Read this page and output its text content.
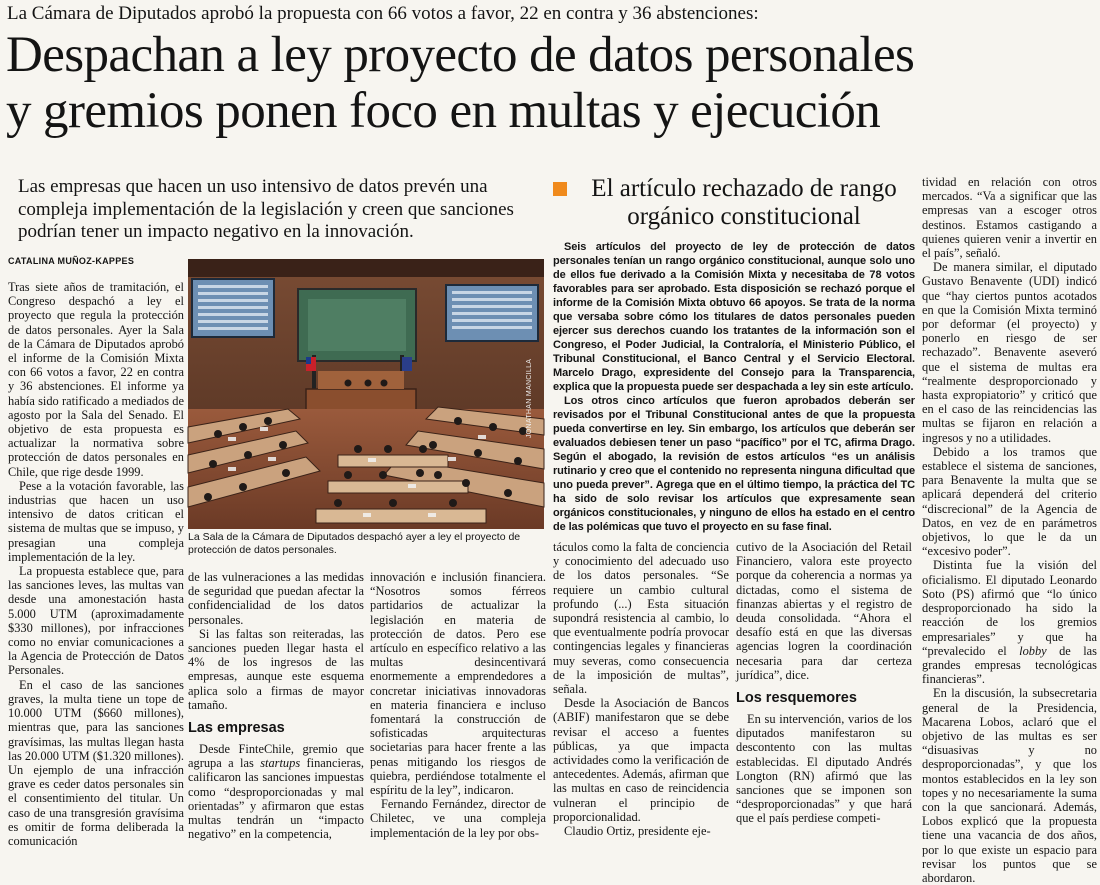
La Cámara de Diputados aprobó la propuesta con 66 votos a favor, 22 en contra y 36 abstenciones:
Despachan a ley proyecto de datos personales
y gremios ponen foco en multas y ejecución
Las empresas que hacen un uso intensivo de datos prevén una compleja implementación de la legislación y creen que sanciones podrían tener un impacto negativo en la innovación.
CATALINA MUÑOZ-KAPPES

Tras siete años de tramitación, el Congreso despachó a ley el proyecto que regula la protección de datos personales. Ayer la Sala de la Cámara de Diputados aprobó el informe de la Comisión Mixta con 66 votos a favor, 22 en contra y 36 abstenciones. El informe ya había sido ratificado a mediados de agosto por la Sala del Senado. El objetivo de esta propuesta es actualizar la normativa sobre protección de datos personales en Chile, que rige desde 1999.

Pese a la votación favorable, las industrias que hacen un uso intensivo de datos critican el sistema de multas que se impuso, y presagian una compleja implementación de la ley.

La propuesta establece que, para las sanciones leves, las multas van desde una amonestación hasta 5.000 UTM (aproximadamente $330 millones), por infracciones como no enviar comunicaciones a la Agencia de Protección de Datos Personales.

En el caso de las sanciones graves, la multa tiene un tope de 10.000 UTM ($660 millones), mientras que, para las sanciones gravísimas, las multas llegan hasta las 20.000 UTM ($1.320 millones). Un ejemplo de una infracción grave es ceder datos personales sin el consentimiento del titular. Un caso de una transgresión gravísima es omitir de forma deliberada la comunicación

JONATHAN MANCILLA
La Sala de la Cámara de Diputados despachó ayer a ley el proyecto de protección de datos personales.
El artículo rechazado de rango orgánico constitucional

Seis artículos del proyecto de ley de protección de datos personales tenían un rango orgánico constitucional, aunque solo uno de ellos fue derivado a la Comisión Mixta y necesitaba de 78 votos favorables para ser aprobado. Esta disposición se rechazó porque el informe de la Comisión Mixta obtuvo 66 apoyos. Se trata de la norma que versaba sobre cómo los titulares de datos personales pueden ejercer sus derechos cuando los tratantes de la información son el Congreso, el Poder Judicial, la Contraloría, el Ministerio Público, el Tribunal Constitucional, el Banco Central y el Servicio Electoral. Marcelo Drago, expresidente del Consejo para la Transparencia, explica que la propuesta puede ser despachada a ley sin este artículo.

Los otros cinco artículos que fueron aprobados deberán ser revisados por el Tribunal Constitucional antes de que la propuesta pueda convertirse en ley. Sin embargo, los artículos que deberán ser evaluados debiesen tener un paso “pacífico” por el TC, afirma Drago. Según el abogado, la revisión de estos artículos “es un análisis rutinario y creo que el contenido no representa ninguna dificultad que uno pueda prever”. Agrega que en el último tiempo, la práctica del TC ha sido de solo revisar los artículos que expresamente sean orgánicos constitucionales, y ninguno de ellos ha estado en el centro de las polémicas que tuvo el proyecto en su fase final.

de las vulneraciones a las medidas de seguridad que puedan afectar la confidencialidad de los datos personales.

Si las faltas son reiteradas, las sanciones pueden llegar hasta el 4% de los ingresos de las empresas, aunque este esquema aplica solo a firmas de mayor tamaño.

Las empresas

Desde FinteChile, gremio que agrupa a las startups financieras, calificaron las sanciones impuestas como “desproporcionadas y mal orientadas” y afirmaron que estas multas tendrán un “impacto negativo” en la competencia,

innovación e inclusión financiera. “Nosotros somos férreos partidarios de actualizar la legislación en materia de protección de datos. Pero ese artículo en específico relativo a las multas desincentivará enormemente a emprendedores a concretar iniciativas innovadoras en materia financiera e incluso fomentará la construcción de sofisticadas arquitecturas societarias para hacer frente a las penas mitigando los riesgos de quiebra, perdiéndose totalmente el espíritu de la ley”, indicaron.

Fernando Fernández, director de Chiletec, ve una compleja implementación de la ley por obs-

táculos como la falta de conciencia y conocimiento del adecuado uso de los datos personales. “Se requiere un cambio cultural profundo (...) Esta situación supondrá resistencia al cambio, lo que eventualmente podría provocar contingencias legales y financieras muy severas, como consecuencia de la imposición de multas”, señala.

Desde la Asociación de Bancos (ABIF) manifestaron que se debe revisar el acceso a fuentes públicas, ya que impacta actividades como la verificación de antecedentes. Además, afirman que las multas en caso de reincidencia vulneran el principio de proporcionalidad.

Claudio Ortiz, presidente eje-

cutivo de la Asociación del Retail Financiero, valora este proyecto porque da coherencia a normas ya dictadas, como el sistema de finanzas abiertas y el registro de deuda consolidada. “Ahora el desafío está en que las diversas agencias logren la coordinación necesaria para dar certeza jurídica”, dice.

Los resquemores

En su intervención, varios de los diputados manifestaron su descontento con las multas establecidas. El diputado Andrés Longton (RN) afirmó que las sanciones que se imponen son “desproporcionadas” y que hará que el país perdiese competi-

tividad en relación con otros mercados. “Va a significar que las empresas van a escoger otros destinos. Estamos castigando a quienes quieren venir a invertir en el país”, señaló.

De manera similar, el diputado Gustavo Benavente (UDI) indicó que “hay ciertos puntos acotados en que la Comisión Mixta terminó por deformar (el proyecto) y ponerlo en riesgo de ser rechazado”. Benavente aseveró que el sistema de multas era “realmente desproporcionado y hasta expropiatorio” y criticó que en el caso de las reincidencias las multas se fijaron en relación a ingresos y no a utilidades.

Debido a los tramos que establece el sistema de sanciones, para Benavente la multa que se aplicará dependerá del criterio “discrecional” de la Agencia de Datos, en vez de en parámetros objetivos, lo que le da un “excesivo poder”.

Distinta fue la visión del oficialismo. El diputado Leonardo Soto (PS) afirmó que “lo único desproporcionado ha sido la reacción de los gremios empresariales” y que ha “prevalecido el lobby de las grandes empresas tecnológicas financieras”.

En la discusión, la subsecretaria general de la Presidencia, Macarena Lobos, aclaró que el objetivo de las multas es ser “disuasivas y no desproporcionadas”, y que los montos establecidos en la ley son topes y no necesariamente la suma con la que sancionará. Además, Lobos explicó que la propuesta tiene una vacancia de dos años, por lo que existe un espacio para revisar los puntos que se abordaron.
